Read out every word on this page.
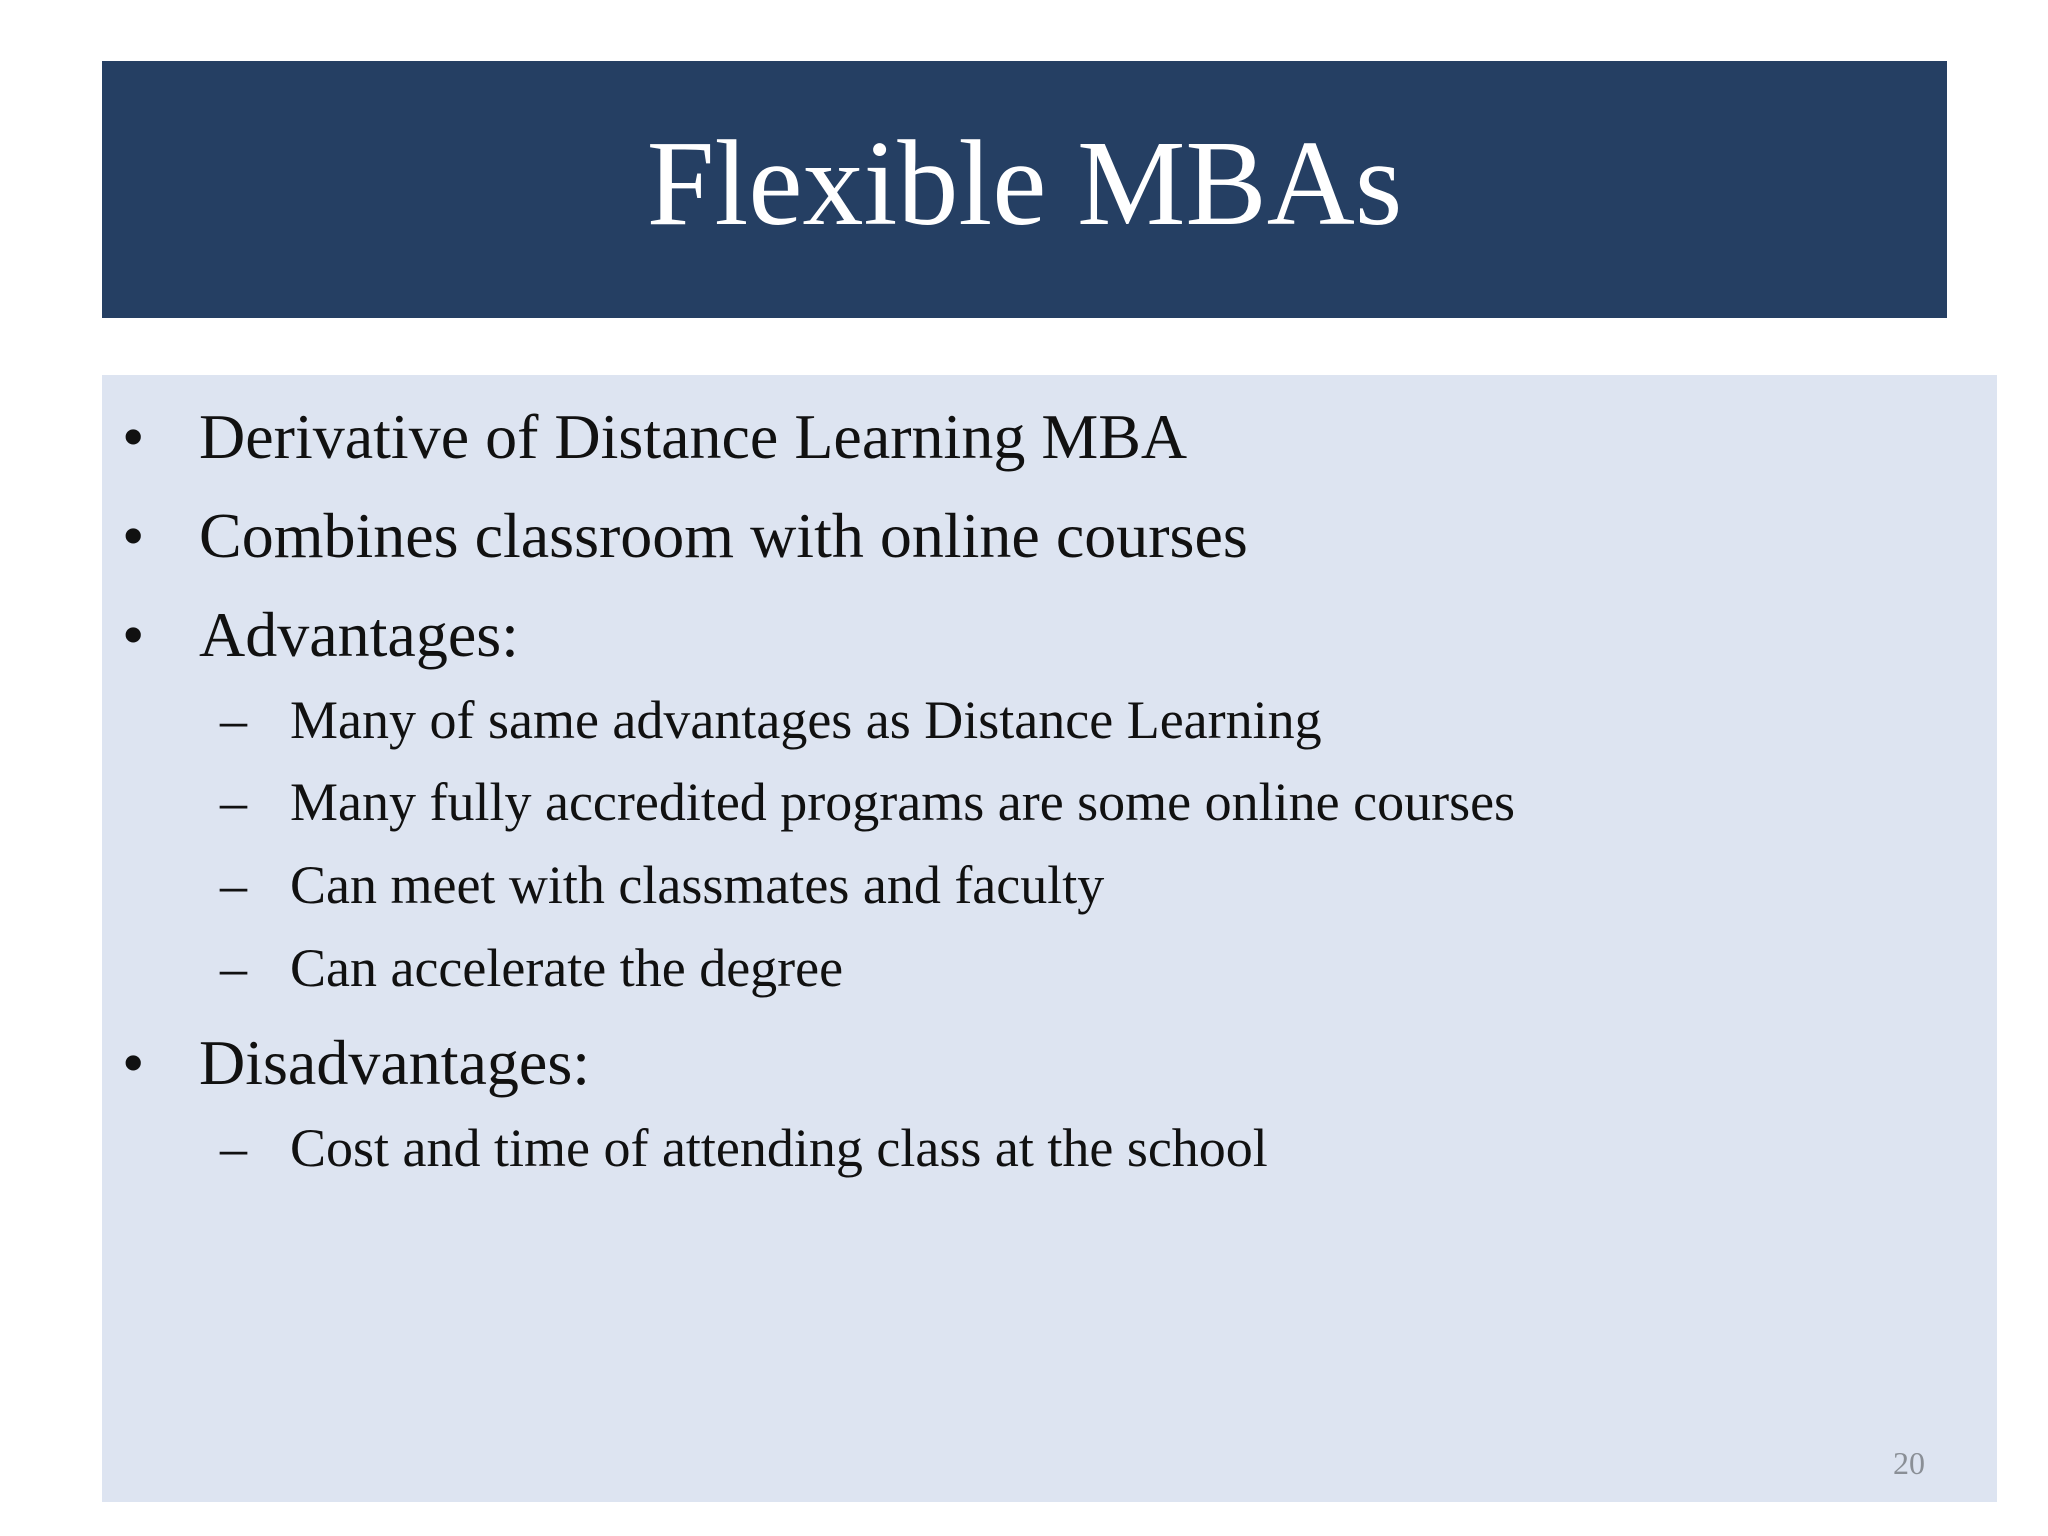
Flexible MBAs
• Derivative of Distance Learning MBA
• Combines classroom with online courses
• Advantages:
– Many of same advantages as Distance Learning
– Many fully accredited programs are some online courses
– Can meet with classmates and faculty
– Can accelerate the degree
• Disadvantages:
– Cost and time of attending class at the school
20
